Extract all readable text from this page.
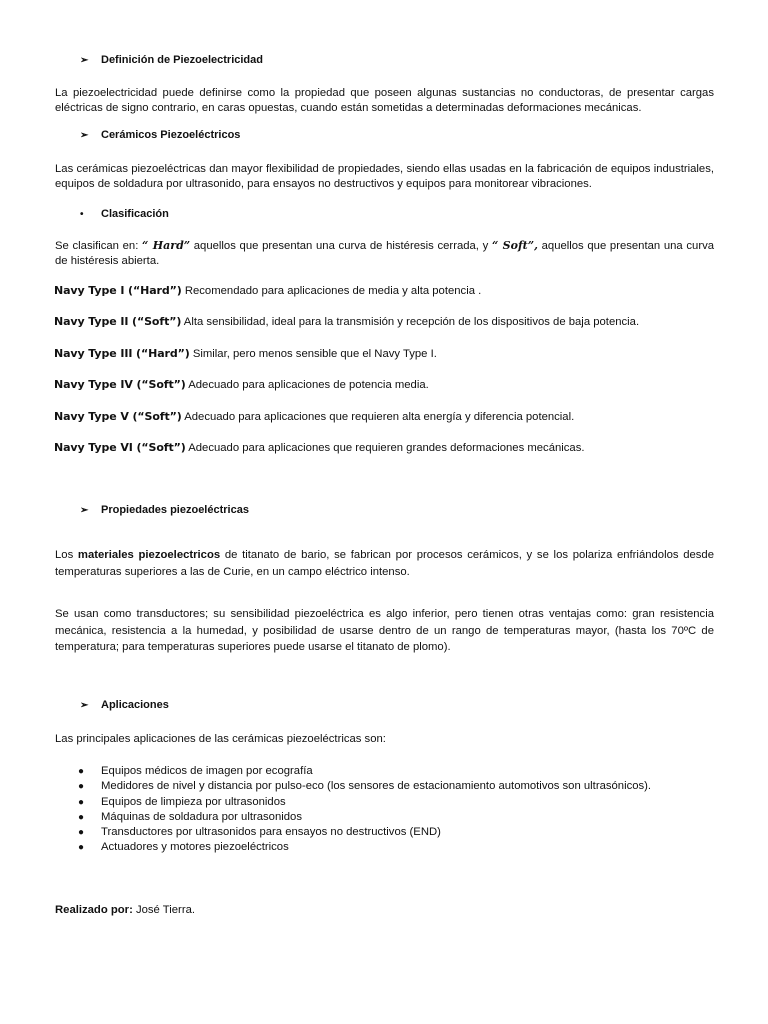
➢ Definición de Piezoelectricidad
La piezoelectricidad puede definirse como la propiedad que poseen algunas sustancias no conductoras, de presentar cargas eléctricas de signo contrario, en caras opuestas, cuando están sometidas a determinadas deformaciones mecánicas.
➢ Cerámicos Piezoeléctricos
Las cerámicas piezoeléctricas dan mayor flexibilidad de propiedades, siendo ellas usadas en la fabricación de equipos industriales, equipos de soldadura por ultrasonido, para ensayos no destructivos y equipos para monitorear vibraciones.
• Clasificación
Se clasifican en: “ Hard” aquellos que presentan una curva de histéresis cerrada, y “ Soft”, aquellos que presentan una curva de histéresis abierta.
Navy Type I (“Hard”) Recomendado para aplicaciones de media y alta potencia .
Navy Type II (“Soft”) Alta sensibilidad, ideal para la transmisión y recepción de los dispositivos de baja potencia.
Navy Type III (“Hard”) Similar, pero menos sensible que el Navy Type I.
Navy Type IV (“Soft”) Adecuado para aplicaciones de potencia media.
Navy Type V (“Soft”) Adecuado para aplicaciones que requieren alta energía y diferencia potencial.
Navy Type VI (“Soft”) Adecuado para aplicaciones que requieren grandes deformaciones mecánicas.
➢ Propiedades piezoeléctricas
Los materiales piezoelectricos de titanato de bario, se fabrican por procesos cerámicos, y se los polariza enfriándolos desde temperaturas superiores a las de Curie, en un campo eléctrico intenso.
Se usan como transductores; su sensibilidad piezoeléctrica es algo inferior, pero tienen otras ventajas como: gran resistencia mecánica, resistencia a la humedad, y posibilidad de usarse dentro de un rango de temperaturas mayor, (hasta los 70ºC de temperatura; para temperaturas superiores puede usarse el titanato de plomo).
➢ Aplicaciones
Las principales aplicaciones de las cerámicas piezoeléctricas son:
● Equipos médicos de imagen por ecografía
● Medidores de nivel y distancia por pulso-eco (los sensores de estacionamiento automotivos son ultrasónicos).
● Equipos de limpieza por ultrasonidos
● Máquinas de soldadura por ultrasonidos
● Transductores por ultrasonidos para ensayos no destructivos (END)
● Actuadores y motores piezoeléctricos
Realizado por: José Tierra.
